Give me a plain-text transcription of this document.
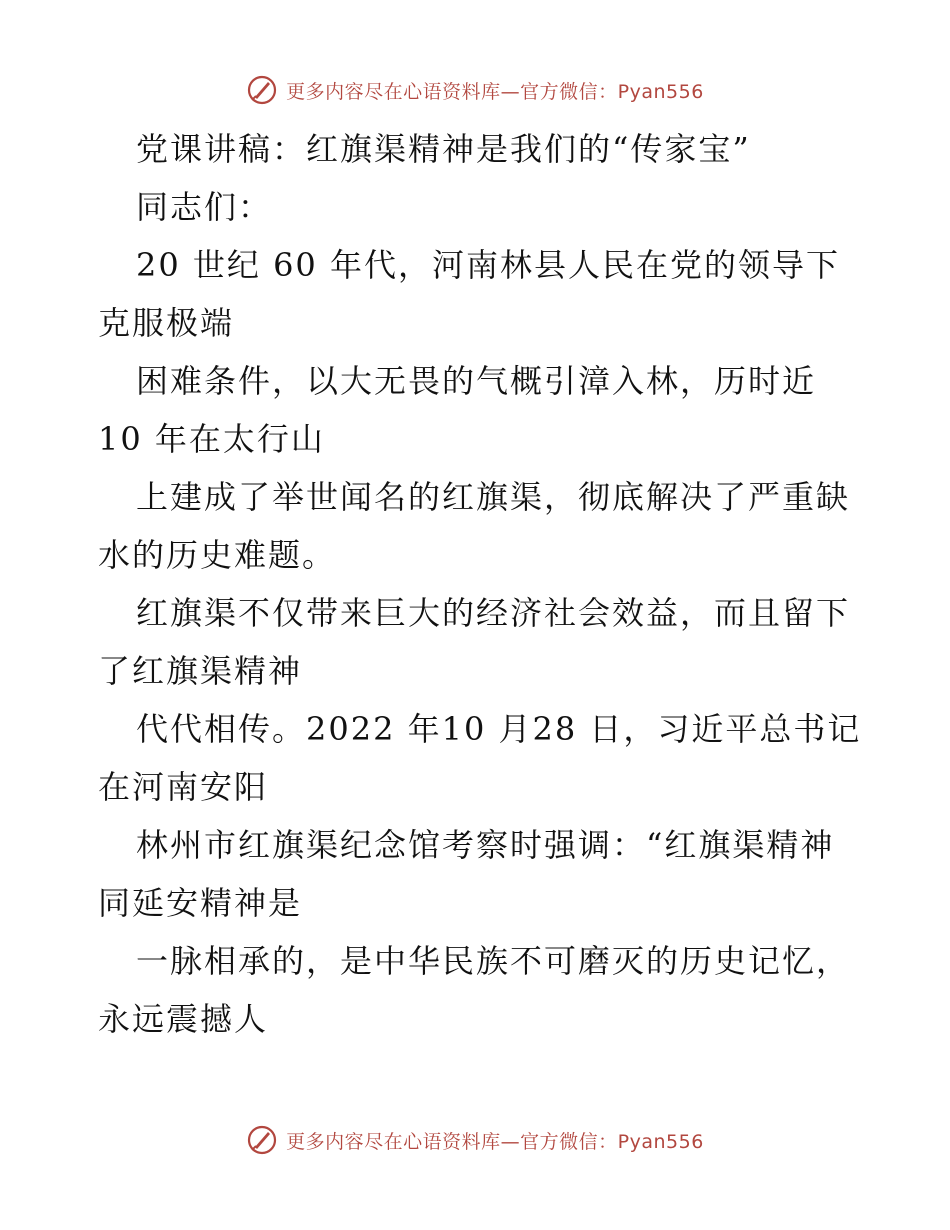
更多内容尽在心语资料库—官方微信：Pyan556
党课讲稿：红旗渠精神是我们的“传家宝”
同志们：
20 世纪 60 年代，河南林县人民在党的领导下
克服极端
困难条件，以大无畏的气概引漳入林，历时近
10 年在太行山
上建成了举世闻名的红旗渠，彻底解决了严重缺
水的历史难题。
红旗渠不仅带来巨大的经济社会效益，而且留下
了红旗渠精神
代代相传。2022 年10 月28 日，习近平总书记
在河南安阳
林州市红旗渠纪念馆考察时强调：“红旗渠精神
同延安精神是
一脉相承的，是中华民族不可磨灭的历史记忆，
永远震撼人
更多内容尽在心语资料库—官方微信：Pyan556
